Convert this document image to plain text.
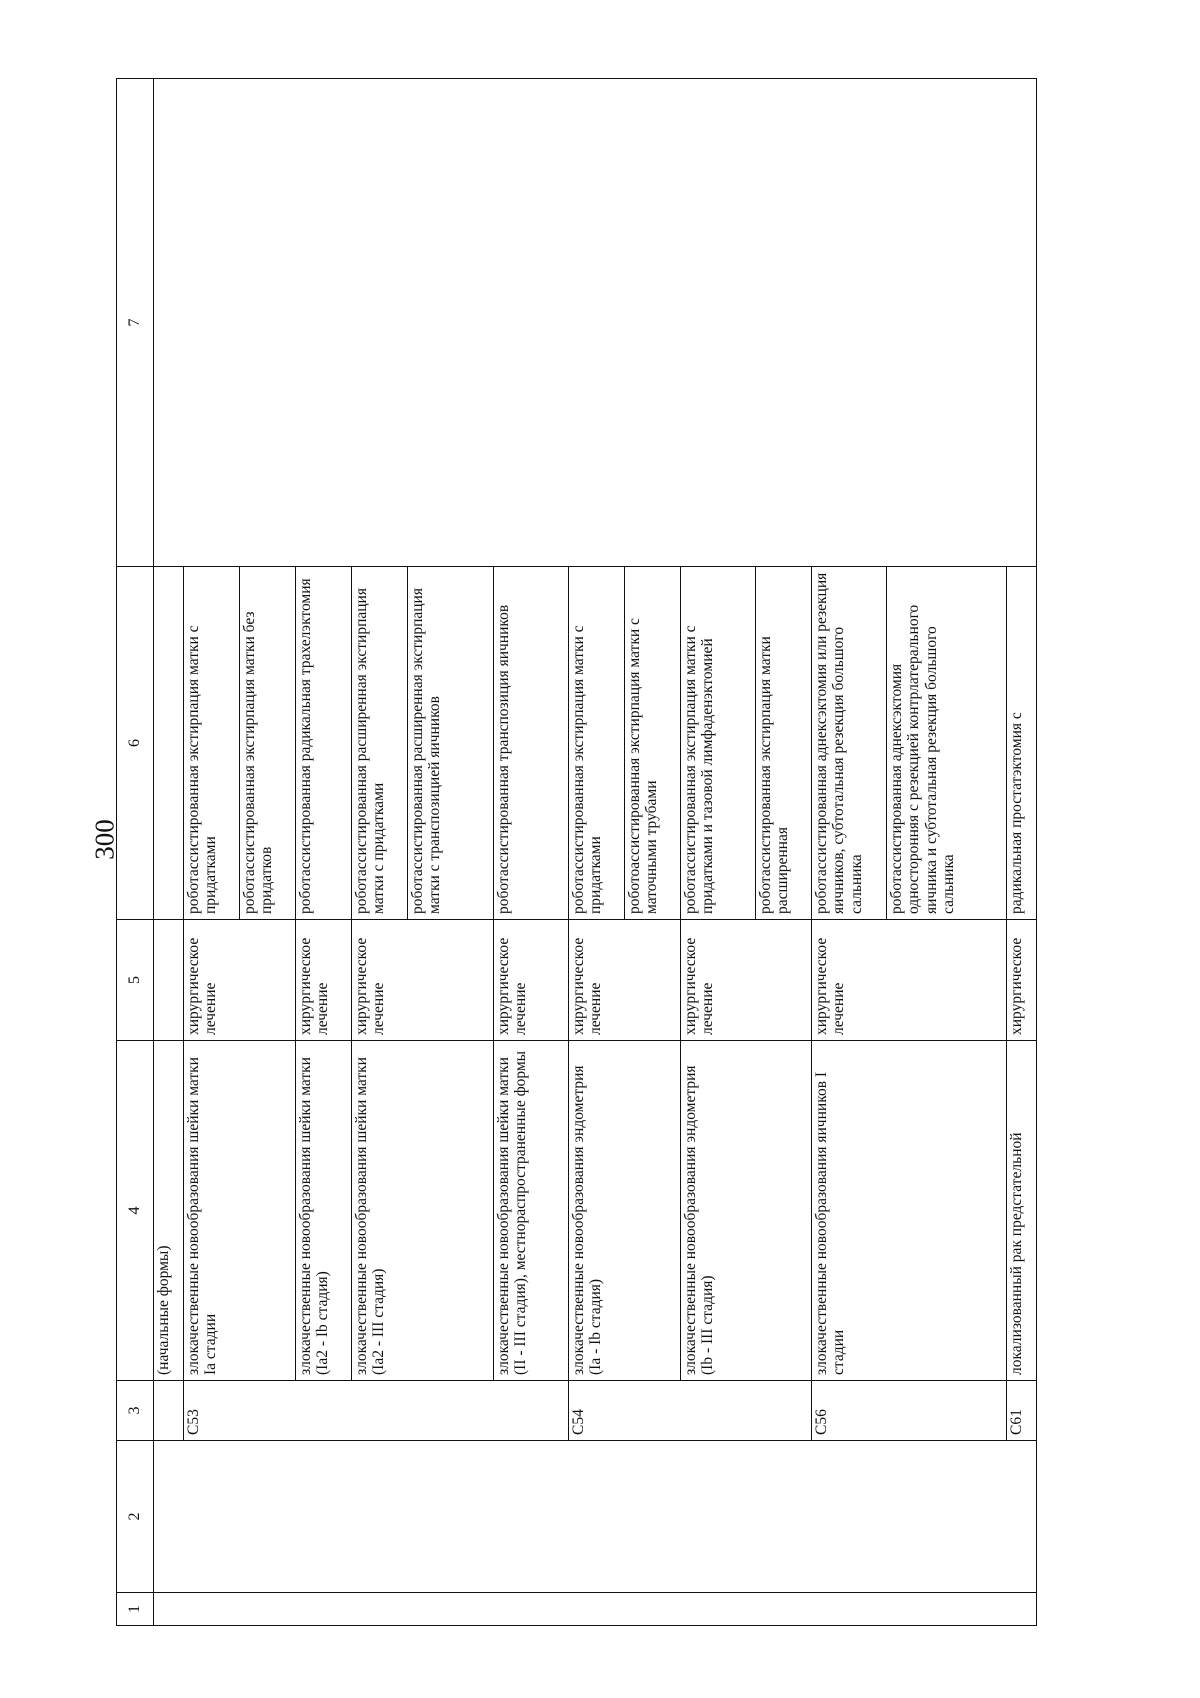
300
1	2	3	4	5	6	7
			(начальные формы)			
		C53	злокачественные новообразования шейки матки Ia стадии	хирургическое лечение	роботассистированная экстирпация матки с придатками	
					роботассистированная экстирпация матки без придатков	
			злокачественные новообразования шейки матки (Ia2 - Ib стадия)	хирургическое лечение	роботассистированная радикальная трахелэктомия	
			злокачественные новообразования шейки матки (Ia2 - III стадия)	хирургическое лечение	роботассистированная расширенная экстирпация матки с придатками	
					роботассистированная расширенная экстирпация матки с транспозицией яичников	
			злокачественные новообразования шейки матки (II - III стадия), местнораспространенные формы	хирургическое лечение	роботассистированная транспозиция яичников	
		C54	злокачественные новообразования эндометрия (Ia - Ib стадия)	хирургическое лечение	роботассистированная экстирпация матки с придатками	
					роботоассистированная экстирпация матки с маточными трубами	
			злокачественные новообразования эндометрия (Ib - III стадия)	хирургическое лечение	роботассистированная экстирпация матки с придатками и тазовой лимфаденэктомией	
					роботассистированная экстирпация матки расширенная	
		C56	злокачественные новообразования яичников I стадии	хирургическое лечение	роботассистированная аднексэктомия или резекция яичников, субтотальная резекция большого сальника	
					роботассистированная аднексэктомия односторонняя с резекцией контрлатерального яичника и субтотальная резекция большого сальника	
		C61	локализованный рак предстательной	хирургическое	радикальная простатэктомия с	
